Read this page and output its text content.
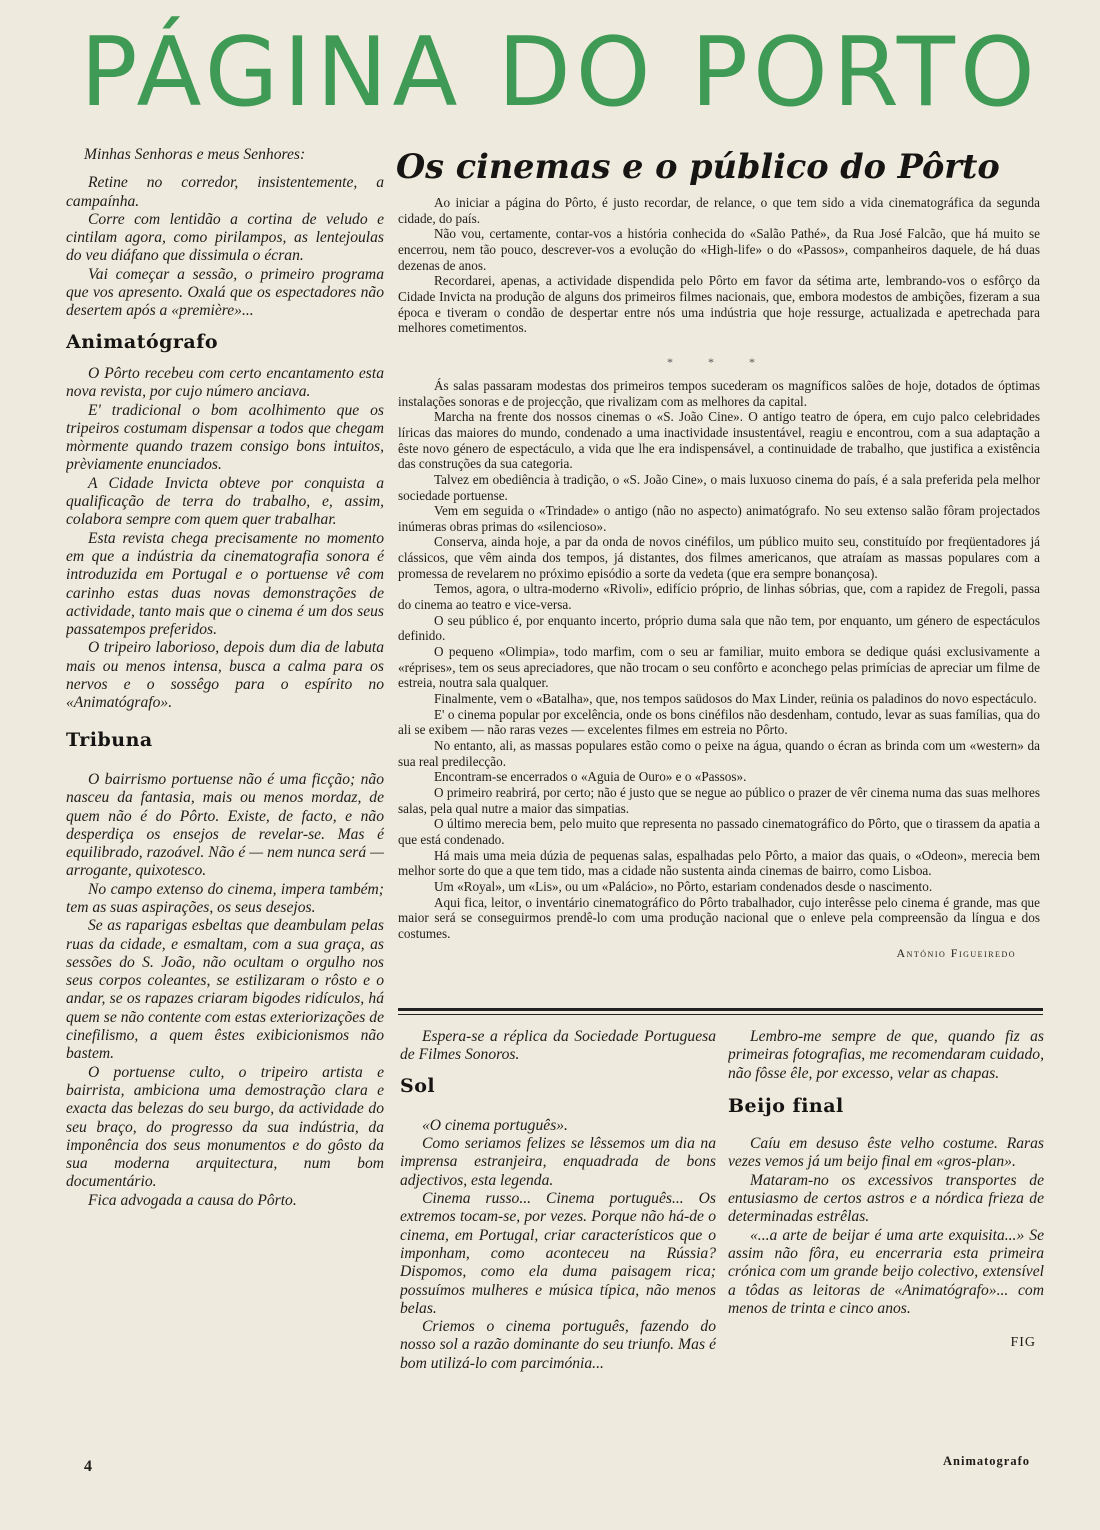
PÁGINA DO PORTO

Minhas Senhoras e meus Senhores:

Retine no corredor, insistentemente, a campaínha.

Corre com lentidão a cortina de veludo e cintilam agora, como pirilampos, as lentejoulas do veu diáfano que dissimula o écran.

Vai começar a sessão, o primeiro programa que vos apresento. Oxalá que os espectadores não desertem após a «première»...

Animatógrafo

O Pôrto recebeu com certo encantamento esta nova revista, por cujo número anciava.

E' tradicional o bom acolhimento que os tripeiros costumam dispensar a todos que chegam mòrmente quando trazem consigo bons intuitos, prèviamente enunciados.

A Cidade Invicta obteve por conquista a qualificação de terra do trabalho, e, assim, colabora sempre com quem quer trabalhar.

Esta revista chega precisamente no momento em que a indústria da cinematografia sonora é introduzida em Portugal e o portuense vê com carinho estas duas novas demonstrações de actividade, tanto mais que o cinema é um dos seus passatempos preferidos.

O tripeiro laborioso, depois dum dia de labuta mais ou menos intensa, busca a calma para os nervos e o sossêgo para o espírito no «Animatógrafo».

Tribuna

O bairrismo portuense não é uma ficção; não nasceu da fantasia, mais ou menos mordaz, de quem não é do Pôrto. Existe, de facto, e não desperdiça os ensejos de revelar-se. Mas é equilibrado, razoável. Não é — nem nunca será — arrogante, quixotesco.

No campo extenso do cinema, impera também; tem as suas aspirações, os seus desejos.

Se as raparigas esbeltas que deambulam pelas ruas da cidade, e esmaltam, com a sua graça, as sessões do S. João, não ocultam o orgulho nos seus corpos coleantes, se estilizaram o rôsto e o andar, se os rapazes criaram bigodes ridículos, há quem se não contente com estas exteriorizações de cinefilismo, a quem êstes exibicionismos não bastem.

O portuense culto, o tripeiro artista e bairrista, ambiciona uma demostração clara e exacta das belezas do seu burgo, da actividade do seu braço, do progresso da sua indústria, da imponência dos seus monumentos e do gôsto da sua moderna arquitectura, num bom documentário.

Fica advogada a causa do Pôrto.

Os cinemas e o público do Pôrto

Ao iniciar a página do Pôrto, é justo recordar, de relance, o que tem sido a vida cinematográfica da segunda cidade, do país.

Não vou, certamente, contar-vos a história conhecida do «Salão Pathé», da Rua José Falcão, que há muito se encerrou, nem tão pouco, descrever-vos a evolução do «High-life» o do «Passos», companheiros daquele, de há duas dezenas de anos.

Recordarei, apenas, a actividade dispendida pelo Pôrto em favor da sétima arte, lembrando-vos o esfôrço da Cidade Invicta na produção de alguns dos primeiros filmes nacionais, que, embora modestos de ambições, fizeram a sua época e tiveram o condão de despertar entre nós uma indústria que hoje ressurge, actualizada e apetrechada para melhores cometimentos.

* * *

Ás salas passaram modestas dos primeiros tempos sucederam os magníficos salões de hoje, dotados de óptimas instalações sonoras e de projecção, que rivalizam com as melhores da capital.

Marcha na frente dos nossos cinemas o «S. João Cine». O antigo teatro de ópera, em cujo palco celebridades líricas das maiores do mundo, condenado a uma inactividade insustentável, reagiu e encontrou, com a sua adaptação a êste novo género de espectáculo, a vida que lhe era indispensável, a continuidade de trabalho, que justifica a existência das construções da sua categoria.

Talvez em obediência à tradição, o «S. João Cine», o mais luxuoso cinema do país, é a sala preferida pela melhor sociedade portuense.

Vem em seguida o «Trindade» o antigo (não no aspecto) animatógrafo. No seu extenso salão fôram projectados inúmeras obras primas do «silencioso».

Conserva, ainda hoje, a par da onda de novos cinéfilos, um público muito seu, constituído por freqüentadores já clássicos, que vêm ainda dos tempos, já distantes, dos filmes americanos, que atraíam as massas populares com a promessa de revelarem no próximo episódio a sorte da vedeta (que era sempre bonançosa).

Temos, agora, o ultra-moderno «Rivoli», edifício próprio, de linhas sóbrias, que, com a rapidez de Fregoli, passa do cinema ao teatro e vice-versa.

O seu público é, por enquanto incerto, próprio duma sala que não tem, por enquanto, um género de espectáculos definido.

O pequeno «Olimpia», todo marfim, com o seu ar familiar, muito embora se dedique quási exclusivamente a «réprises», tem os seus apreciadores, que não trocam o seu confôrto e aconchego pelas primícias de apreciar um filme de estreia, noutra sala qualquer.

Finalmente, vem o «Batalha», que, nos tempos saüdosos do Max Linder, reünia os paladinos do novo espectáculo.

E' o cinema popular por excelência, onde os bons cinéfilos não desdenham, contudo, levar as suas famílias, qua do ali se exibem — não raras vezes — excelentes filmes em estreia no Pôrto.

No entanto, ali, as massas populares estão como o peixe na água, quando o écran as brinda com um «western» da sua real predilecção.

Encontram-se encerrados o «Aguia de Ouro» e o «Passos».

O primeiro reabrirá, por certo; não é justo que se negue ao público o prazer de vêr cinema numa das suas melhores salas, pela qual nutre a maior das simpatias.

O último merecia bem, pelo muito que representa no passado cinematográfico do Pôrto, que o tirassem da apatia a que está condenado.

Há mais uma meia dúzia de pequenas salas, espalhadas pelo Pôrto, a maior das quais, o «Odeon», merecia bem melhor sorte do que a que tem tido, mas a cidade não sustenta ainda cinemas de bairro, como Lisboa.

Um «Royal», um «Lis», ou um «Palácio», no Pôrto, estariam condenados desde o nascimento.

Aqui fica, leitor, o inventário cinematográfico do Pôrto trabalhador, cujo interêsse pelo cinema é grande, mas que maior será se conseguirmos prendê-lo com uma produção nacional que o enleve pela compreensão da língua e dos costumes.

António Figueiredo

Espera-se a réplica da Sociedade Portuguesa de Filmes Sonoros.

Sol

«O cinema português».

Como seriamos felizes se lêssemos um dia na imprensa estranjeira, enquadrada de bons adjectivos, esta legenda.

Cinema russo... Cinema português... Os extremos tocam-se, por vezes. Porque não há-de o cinema, em Portugal, criar característicos que o imponham, como aconteceu na Rússia? Dispomos, como ela duma paisagem rica; possuímos mulheres e música típica, não menos belas.

Criemos o cinema português, fazendo do nosso sol a razão dominante do seu triunfo. Mas é bom utilizá-lo com parcimónia...

Lembro-me sempre de que, quando fiz as primeiras fotografias, me recomendaram cuidado, não fôsse êle, por excesso, velar as chapas.

Beijo final

Caíu em desuso êste velho costume. Raras vezes vemos já um beijo final em «gros-plan».

Mataram-no os excessivos transportes de entusiasmo de certos astros e a nórdica frieza de determinadas estrêlas.

«...a arte de beijar é uma arte exquisita...» Se assim não fôra, eu encerraria esta primeira crónica com um grande beijo colectivo, extensível a tôdas as leitoras de «Animatógrafo»... com menos de trinta e cinco anos.

FIG

4	Animatografo
